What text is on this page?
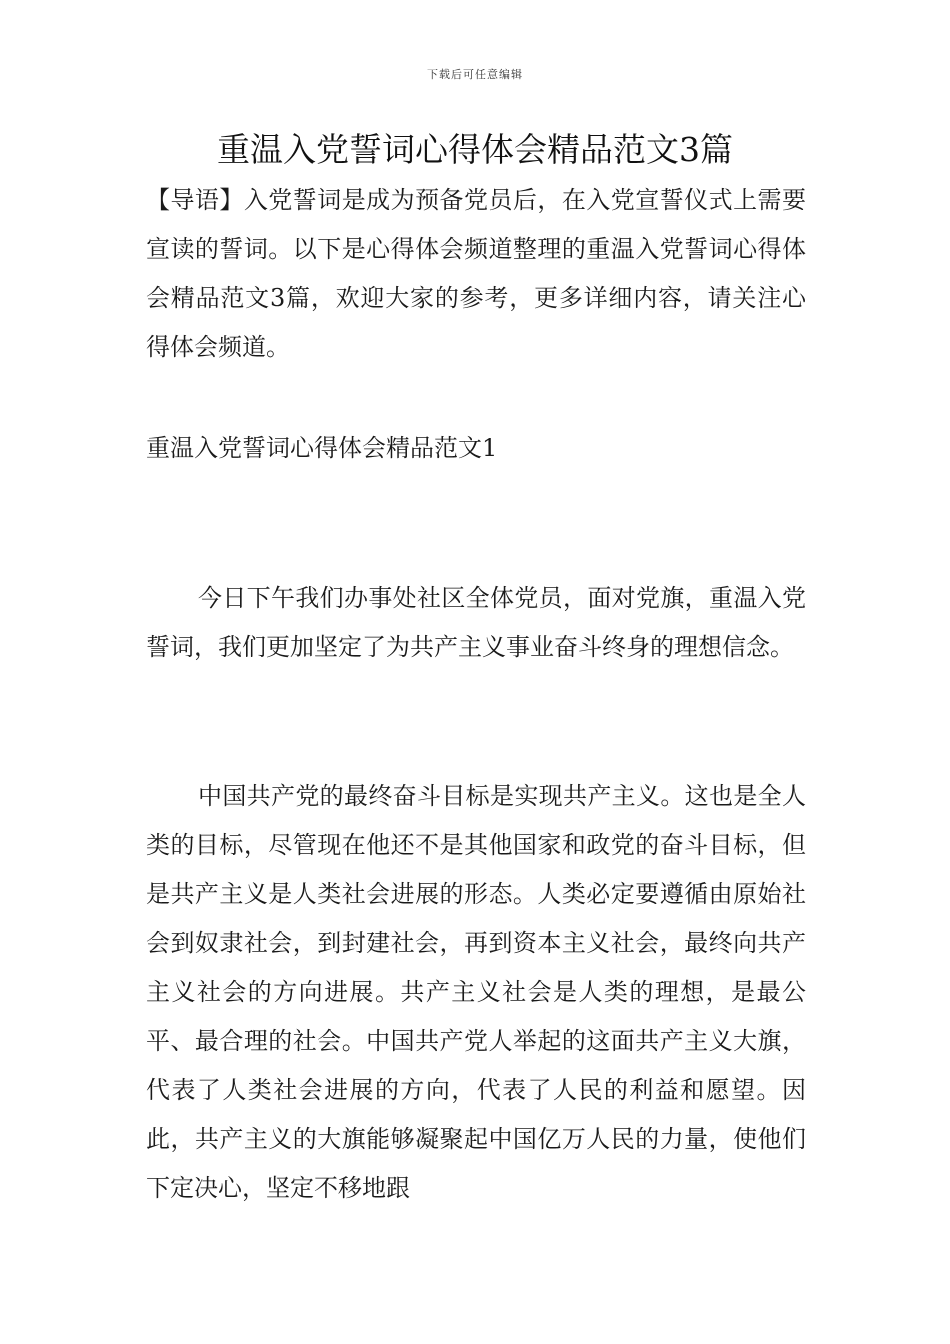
下载后可任意编辑
重温入党誓词心得体会精品范文3篇

【导语】入党誓词是成为预备党员后，在入党宣誓仪式上需要宣读的誓词。以下是心得体会频道整理的重温入党誓词心得体会精品范文3篇，欢迎大家的参考，更多详细内容，请关注心得体会频道。

重温入党誓词心得体会精品范文1

今日下午我们办事处社区全体党员，面对党旗，重温入党誓词，我们更加坚定了为共产主义事业奋斗终身的理想信念。

中国共产党的最终奋斗目标是实现共产主义。这也是全人类的目标，尽管现在他还不是其他国家和政党的奋斗目标，但是共产主义是人类社会进展的形态。人类必定要遵循由原始社会到奴隶社会，到封建社会，再到资本主义社会，最终向共产主义社会的方向进展。共产主义社会是人类的理想，是最公平、最合理的社会。中国共产党人举起的这面共产主义大旗，代表了人类社会进展的方向，代表了人民的利益和愿望。因此，共产主义的大旗能够凝聚起中国亿万人民的力量，使他们下定决心，坚定不移地跟
